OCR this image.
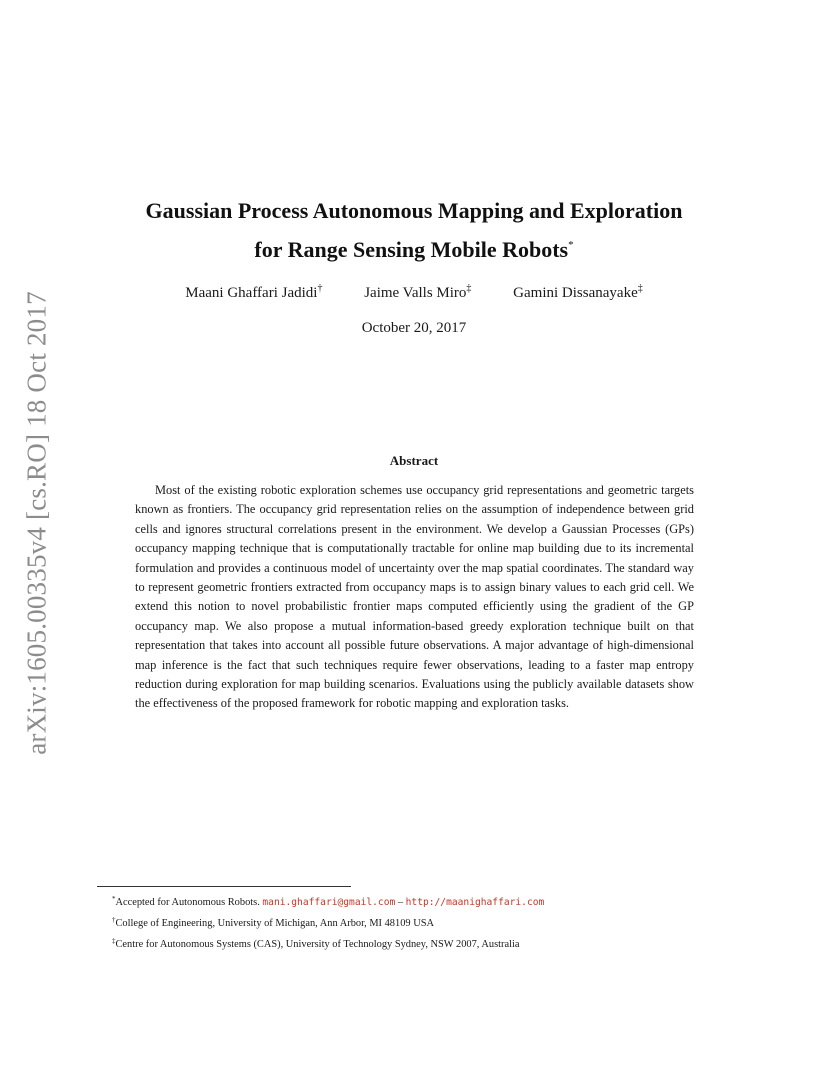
arXiv:1605.00335v4 [cs.RO] 18 Oct 2017
Gaussian Process Autonomous Mapping and Exploration
for Range Sensing Mobile Robots*
Maani Ghaffari Jadidi†	Jaime Valls Miro‡	Gamini Dissanayake‡
October 20, 2017
Abstract

Most of the existing robotic exploration schemes use occupancy grid representations and geometric targets known as frontiers. The occupancy grid representation relies on the assumption of independence between grid cells and ignores structural correlations present in the environment. We develop a Gaussian Processes (GPs) occupancy mapping technique that is computationally tractable for online map building due to its incremental formulation and provides a continuous model of uncertainty over the map spatial coordinates. The standard way to represent geometric frontiers extracted from occupancy maps is to assign binary values to each grid cell. We extend this notion to novel probabilistic frontier maps computed efficiently using the gradient of the GP occupancy map. We also propose a mutual information-based greedy exploration technique built on that representation that takes into account all possible future observations. A major advantage of high-dimensional map inference is the fact that such techniques require fewer observations, leading to a faster map entropy reduction during exploration for map building scenarios. Evaluations using the publicly available datasets show the effectiveness of the proposed framework for robotic mapping and exploration tasks.

*Accepted for Autonomous Robots. mani.ghaffari@gmail.com – http://maanighaffari.com
†College of Engineering, University of Michigan, Ann Arbor, MI 48109 USA
‡Centre for Autonomous Systems (CAS), University of Technology Sydney, NSW 2007, Australia
